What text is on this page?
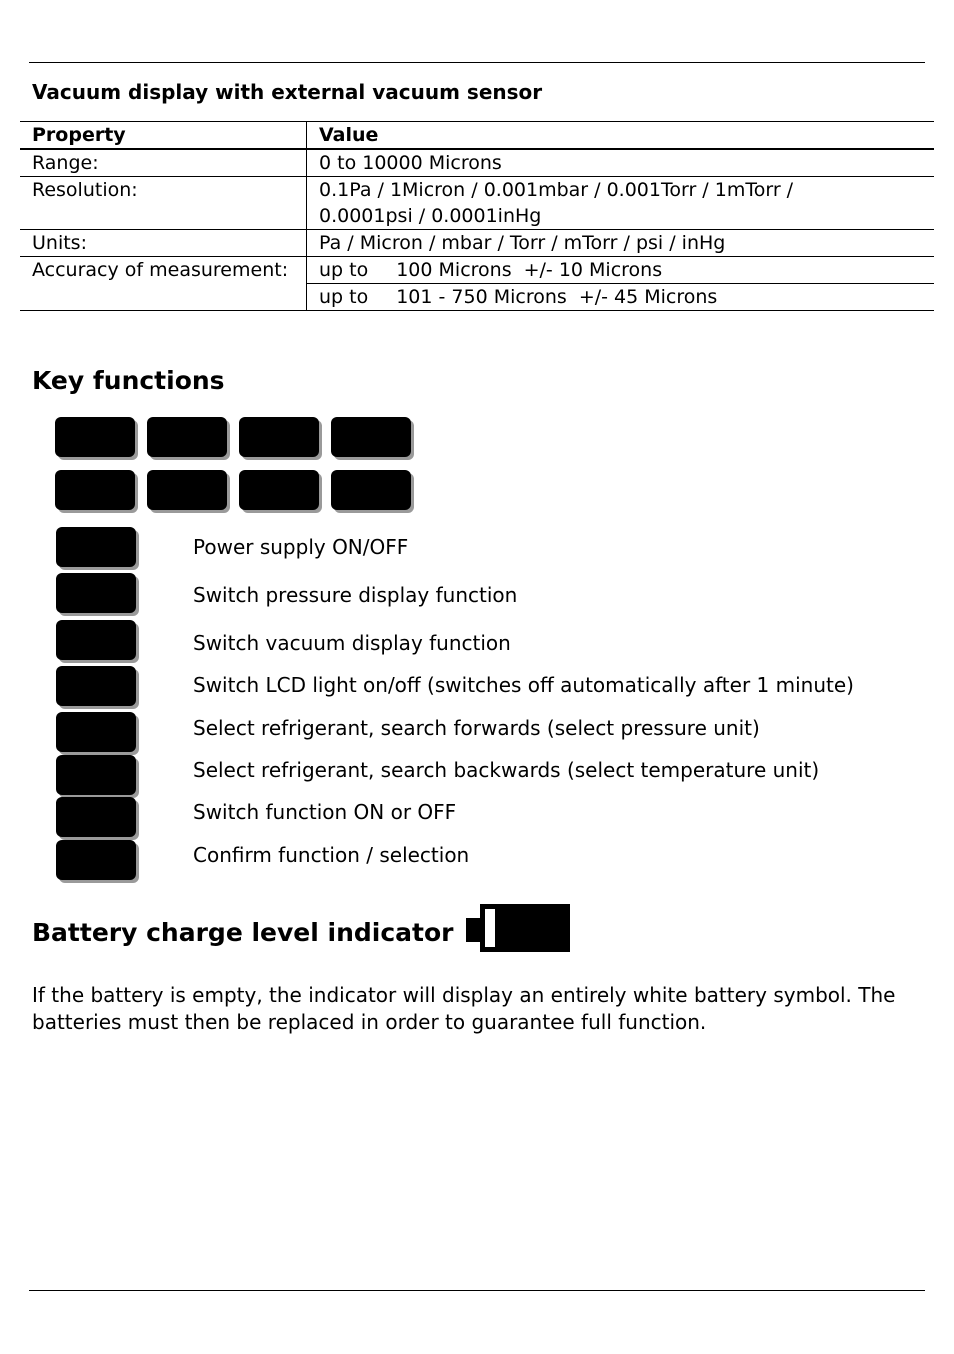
Vacuum display with external vacuum sensor
Property	Value
Range:	0 to 10000 Microns
Resolution:	0.1Pa / 1Micron / 0.001mbar / 0.001Torr / 1mTorr /
0.0001psi / 0.0001inHg
Units:	Pa / Micron / mbar / Torr / mTorr / psi / inHg
Accuracy of measurement:	up to 100 Microns +/- 10 Microns
	up to 101 - 750 Microns +/- 45 Microns
Key functions
Power supply ON/OFF
Switch pressure display function
Switch vacuum display function
Switch LCD light on/off (switches off automatically after 1 minute)
Select refrigerant, search forwards (select pressure unit)
Select refrigerant, search backwards (select temperature unit)
Switch function ON or OFF
Confirm function / selection
Battery charge level indicator

If the battery is empty, the indicator will display an entirely white battery symbol. The batteries must then be replaced in order to guarantee full function.
